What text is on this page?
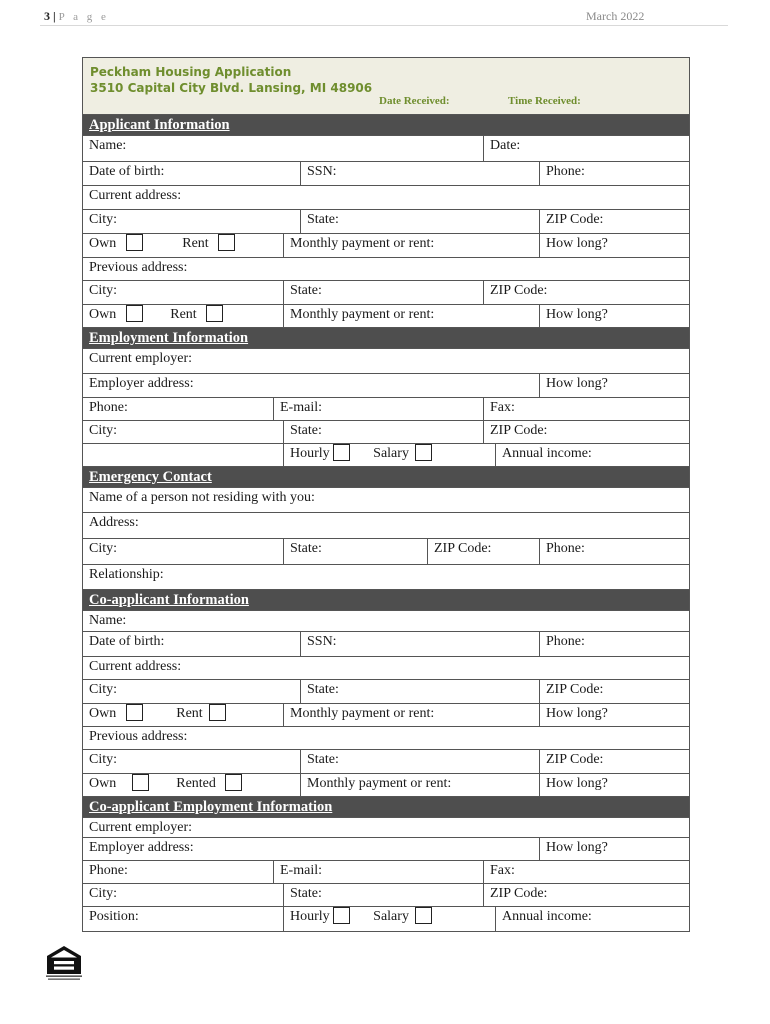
3 | P a g e	March 2022
Peckham Housing Application
3510 Capital City Blvd. Lansing, MI 48906
Date Received:	Time Received:
Applicant Information
Name:	Date:
Date of birth:	SSN:	Phone:
Current address:
City:	State:	ZIP Code:
Own	Rent	Monthly payment or rent:	How long?
Previous address:
City:	State:	ZIP Code:
Own	Rent	Monthly payment or rent:	How long?
Employment Information
Current employer:
Employer address:	How long?
Phone:	E-mail:	Fax:
City:	State:	ZIP Code:
Hourly	Salary	Annual income:
Emergency Contact
Name of a person not residing with you:
Address:
City:	State:	ZIP Code:	Phone:
Relationship:
Co-applicant Information
Name:
Date of birth:	SSN:	Phone:
Current address:
City:	State:	ZIP Code:
Own	Rent	Monthly payment or rent:	How long?
Previous address:
City:	State:	ZIP Code:
Own	Rented	Monthly payment or rent:	How long?
Co-applicant Employment Information
Current employer:
Employer address:	How long?
Phone:	E-mail:	Fax:
City:	State:	ZIP Code:
Position:	Hourly	Salary	Annual income:
